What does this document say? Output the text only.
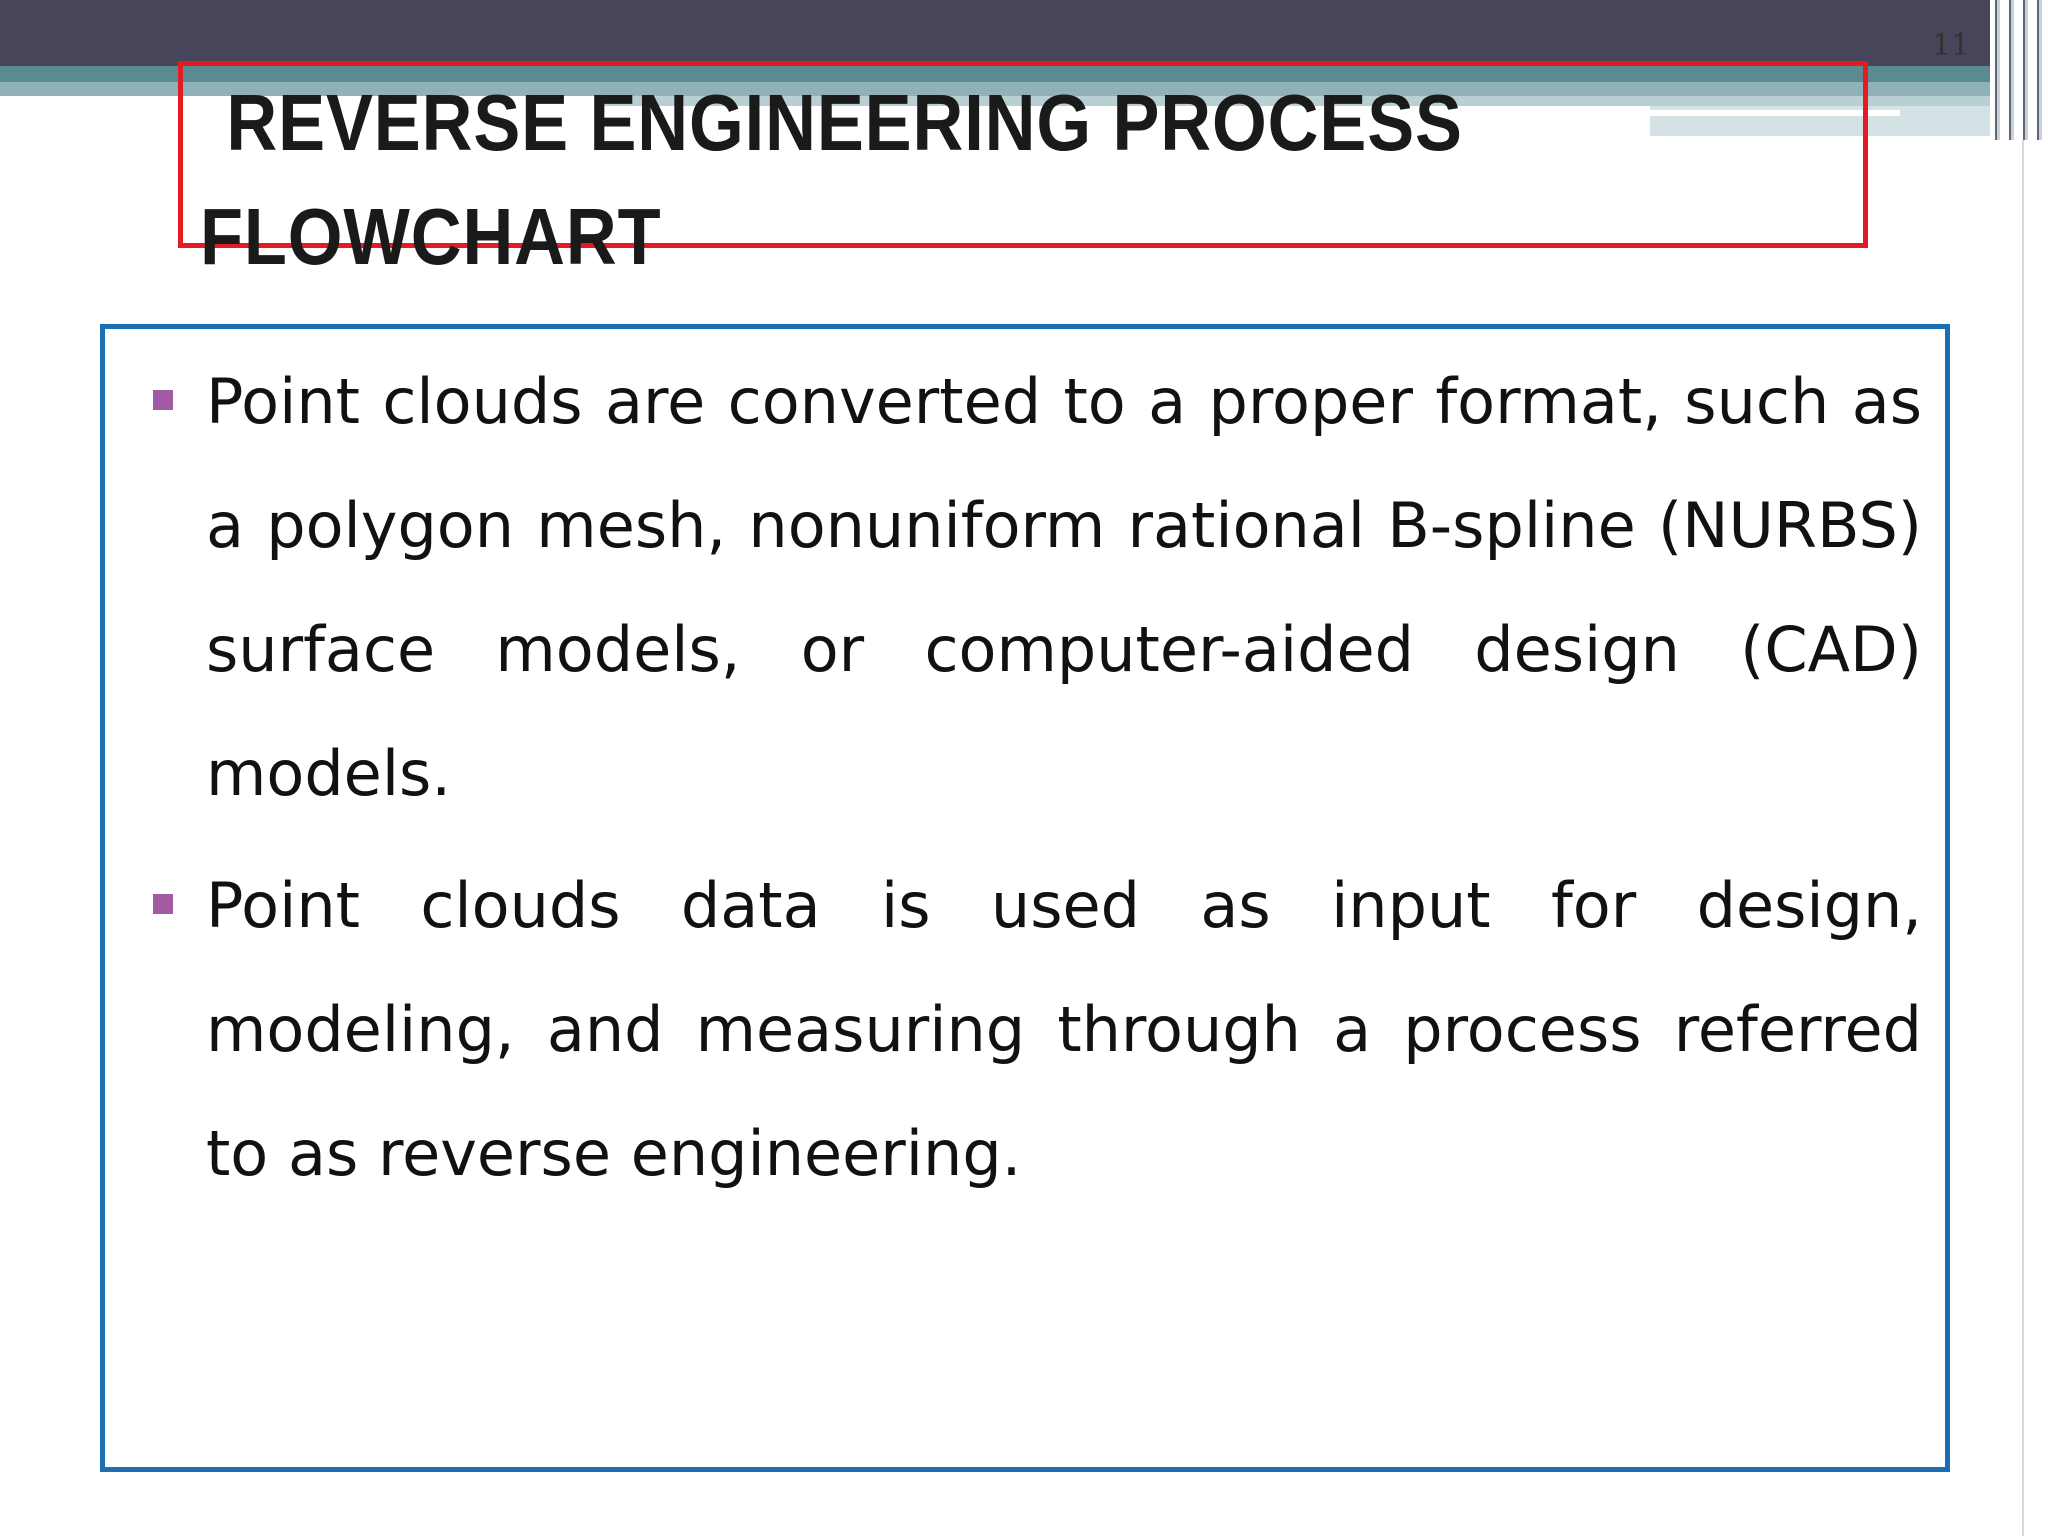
11
REVERSE ENGINEERING PROCESS
FLOWCHART
Point clouds are converted to a proper format, such as a polygon mesh, nonuniform rational B-spline (NURBS) surface models, or computer-aided design (CAD) models.
Point clouds data is used as input for design, modeling, and measuring through a process referred to as reverse engineering.
